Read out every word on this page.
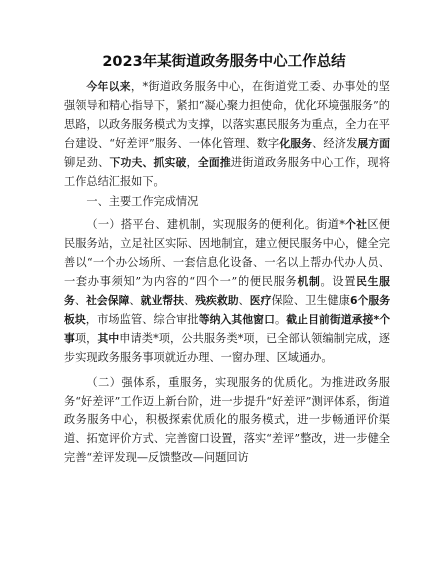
2023年某街道政务服务中心工作总结

今年以来，*街道政务服务中心，在街道党工委、办事处的坚强领导和精心指导下，紧扣“凝心聚力担使命，优化环境强服务”的思路，以政务服务模式为支撑，以落实惠民服务为重点，全力在平台建设、“好差评”服务、一体化管理、数字化服务、经济发展方面铆足劲、下功夫、抓实破，全面推进街道政务服务中心工作，现将工作总结汇报如下。

一、主要工作完成情况

（一）搭平台、建机制，实现服务的便利化。街道*个社区便民服务站，立足社区实际、因地制宜，建立便民服务中心，健全完善以“一个办公场所、一套信息化设备、一名以上帮办代办人员、一套办事须知”为内容的“四个一”的便民服务机制。设置民生服务、社会保障、就业帮扶、残疾救助、医疗保险、卫生健康6个服务板块，市场监管、综合审批等纳入其他窗口。截止目前街道承接*个事项，其中申请类*项，公共服务类*项，已全部认领编制完成，逐步实现政务服务事项就近办理、一窗办理、区域通办。

（二）强体系，重服务，实现服务的优质化。为推进政务服务“好差评”工作迈上新台阶，进一步提升“好差评”测评体系，街道政务服务中心，积极探索优质化的服务模式，进一步畅通评价渠道、拓宽评价方式、完善窗口设置，落实“差评”整改，进一步健全完善“差评发现—反馈整改—问题回访
